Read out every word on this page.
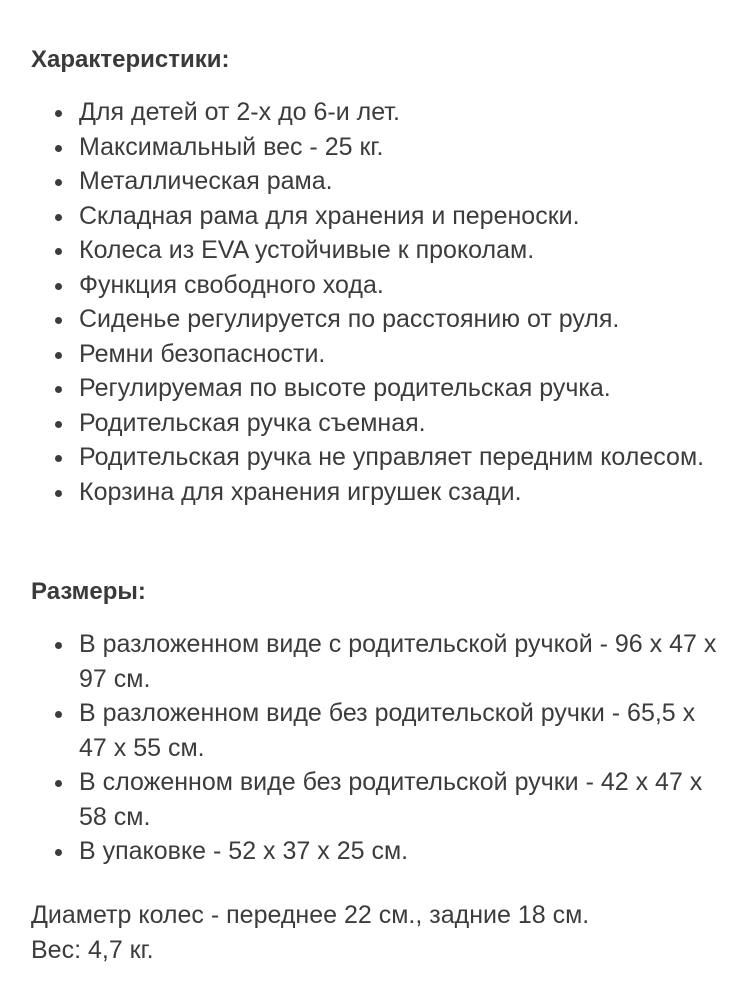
Характеристики:
Для детей от 2-х до 6-и лет.
Максимальный вес - 25 кг.
Металлическая рама.
Складная рама для хранения и переноски.
Колеса из EVA устойчивые к проколам.
Функция свободного хода.
Сиденье регулируется по расстоянию от руля.
Ремни безопасности.
Регулируемая по высоте родительская ручка.
Родительская ручка съемная.
Родительская ручка не управляет передним колесом.
Корзина для хранения игрушек сзади.
Размеры:
В разложенном виде с родительской ручкой - 96 x 47 x 97 см.
В разложенном виде без родительской ручки - 65,5 x 47 x 55 см.
В сложенном виде без родительской ручки - 42 x 47 x 58 см.
В упаковке - 52 x 37 x 25 см.

Диаметр колес - переднее 22 см., задние 18 см.

Вес: 4,7 кг.
